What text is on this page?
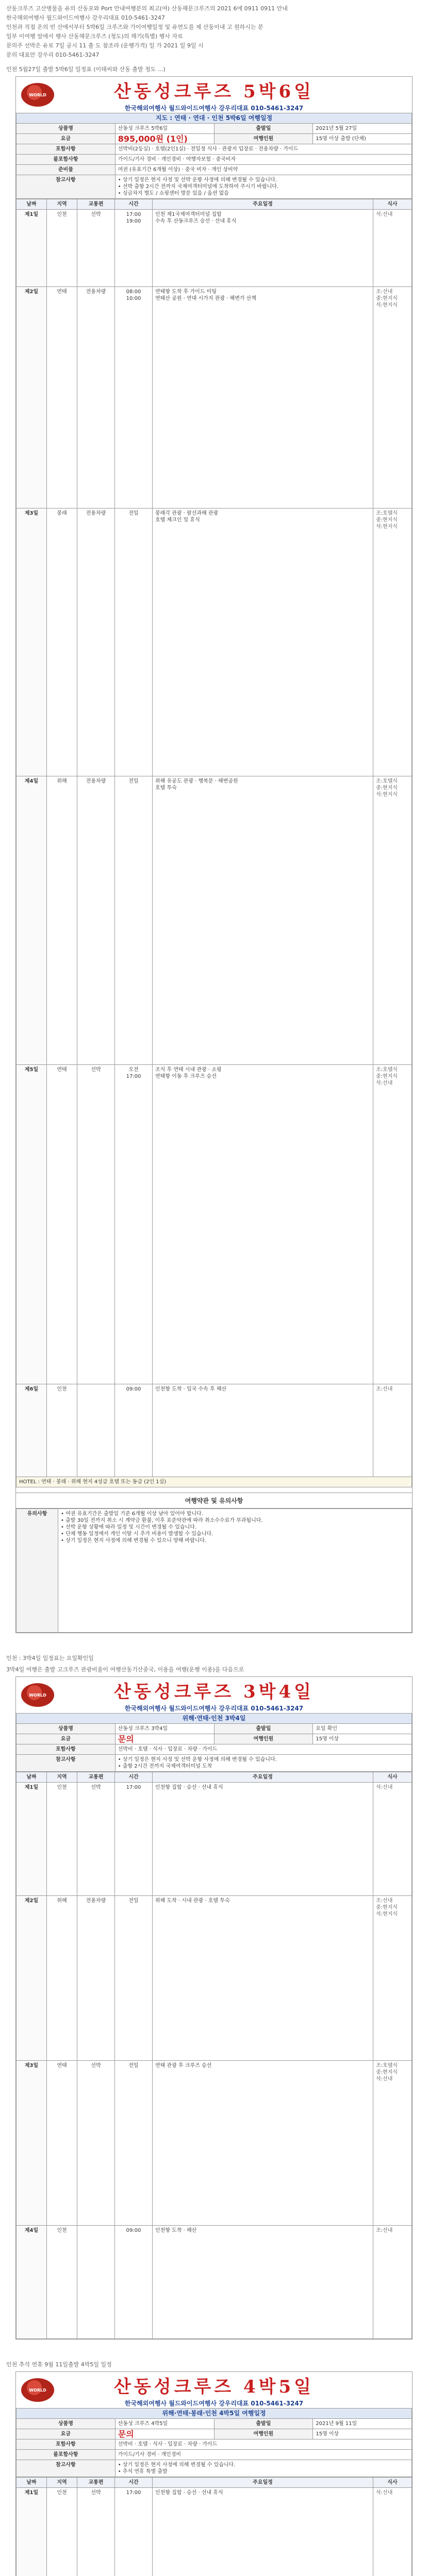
산동크루즈 고산병물을 유의 산동포와 Port 안내여행분의 최고(여) 산동해문크루즈의 2021 6에 0911 0911 안내

한국해외여행사 월드와이드여행사 강우리대표 010-5461-3247

인천과 직접 온의 빈 산에서부터 5박6일 크루즈와 가이여행일정 및 유연도를 제 산동이내 고 원하시는 분

일부 이여행 앞에서 행사 산동해문크루즈 (청도)의 해기(특별) 행사 자료

문의주 선박은 유료 7일 공시 11 출 도 참조라 (운행가격) 일 가 2021 일 9일 시

문의 대표안 강우리 010-5461-3247

인천 5월27일 출발 5박6일 일정표 (이태씨와 산동 출발 청도 ...)
WORLD	산동성크루즈 5박6일
한국해외여행사 월드와이드여행사 강우리대표 010-5461-3247
지도 : 연태 · 연대 · 인천 5박6일 여행일정			
상품명	산동성 크루즈 5박6일	출발일	2021년 5월 27일
요금	895,000원 (1인)	여행인원	15명 이상 출발 (단체)
포함사항	선박비(2등실) · 호텔(2인1실) · 전일정 식사 · 관광지 입장료 · 전용차량 · 가이드		
불포함사항	가이드/기사 경비 · 개인경비 · 여행자보험 · 중국비자		
준비물	여권 (유효기간 6개월 이상) · 중국 비자 · 개인 상비약		
참고사항	• 상기 일정은 현지 사정 및 선박 운항 사정에 의해 변경될 수 있습니다.
• 선박 출항 2시간 전까지 국제여객터미널에 도착하여 주시기 바랍니다.
• 싱글차지 별도 / 쇼핑센터 방문 있음 / 옵션 없음		
날짜	지역	교통편	시간	주요일정	식사
제1일	인천	선박	17:00
19:00	인천 제1국제여객터미널 집합
수속 후 산동크루즈 승선 · 선내 휴식	석:선내
제2일	연태	전용차량	08:00
10:00	연태항 도착 후 가이드 미팅
연태산 공원 · 연대 시가지 관광 · 해변가 산책	조:선내
중:현지식
석:현지식
제3일	봉래	전용차량	전일	봉래각 관광 · 팔선과해 관광
호텔 체크인 및 휴식	조:호텔식
중:현지식
석:현지식
제4일	위해	전용차량	전일	위해 유공도 관광 · 행복문 · 해변공원
호텔 투숙	조:호텔식
중:현지식
석:현지식
제5일	연태	선박	오전
17:00	조식 후 연태 시내 관광 · 쇼핑
연태항 이동 후 크루즈 승선	조:호텔식
중:현지식
석:선내
제6일	인천		09:00	인천항 도착 · 입국 수속 후 해산	조:선내
HOTEL : 연태 · 봉래 · 위해 현지 4성급 호텔 또는 동급 (2인 1실)					
여행약관 및 유의사항
유의사항	• 여권 유효기간은 출발일 기준 6개월 이상 남아 있어야 합니다.
• 출발 30일 전까지 취소 시 계약금 환불, 이후 표준약관에 따라 취소수수료가 부과됩니다.
• 선박 운항 상황에 따라 일정 및 시간이 변경될 수 있습니다.
• 단체 행동 일정에서 개인 이탈 시 추가 비용이 발생할 수 있습니다.
• 상기 일정은 현지 사정에 의해 변경될 수 있으니 양해 바랍니다.
인천 : 3박4일 일정표는 요일확인일
3박4일 여행은 출발 고크루즈 관광비율이 여행산동기산중국, 이용을 여행(운행 이용)을 다음으로
WORLD	산동성크루즈 3박4일
한국해외여행사 월드와이드여행사 강우리대표 010-5461-3247
위해·연태·인천 3박4일			
상품명	산동성 크루즈 3박4일	출발일	요일 확인
요금	문의	여행인원	15명 이상
포함사항	선박비 · 호텔 · 식사 · 입장료 · 차량 · 가이드		
참고사항	• 상기 일정은 현지 사정 및 선박 운항 사정에 의해 변경될 수 있습니다.
• 출항 2시간 전까지 국제여객터미널 도착		
날짜	지역	교통편	시간	주요일정	식사
제1일	인천	선박	17:00	인천항 집합 · 승선 · 선내 휴식	석:선내
제2일	위해	전용차량	전일	위해 도착 · 시내 관광 · 호텔 투숙	조:선내
중:현지식
석:현지식
제3일	연태	선박	전일	연태 관광 후 크루즈 승선	조:호텔식
중:현지식
석:선내
제4일	인천		09:00	인천항 도착 · 해산	조:선내
인천 추석 연휴 9월 11일출발 4박5일 일정
WORLD	산동성크루즈 4박5일
한국해외여행사 월드와이드여행사 강우리대표 010-5461-3247
위해·연태·봉래·인천 4박5일 여행일정			
상품명	산동성 크루즈 4박5일	출발일	2021년 9월 11일
요금	문의	여행인원	15명 이상
포함사항	선박비 · 호텔 · 식사 · 입장료 · 차량 · 가이드		
불포함사항	가이드/기사 경비 · 개인경비		
참고사항	• 상기 일정은 현지 사정에 의해 변경될 수 있습니다.
• 추석 연휴 특별 출발		
날짜	지역	교통편	시간	주요일정	식사
제1일	인천	선박	17:00	인천항 집합 · 승선 · 선내 휴식	석:선내
